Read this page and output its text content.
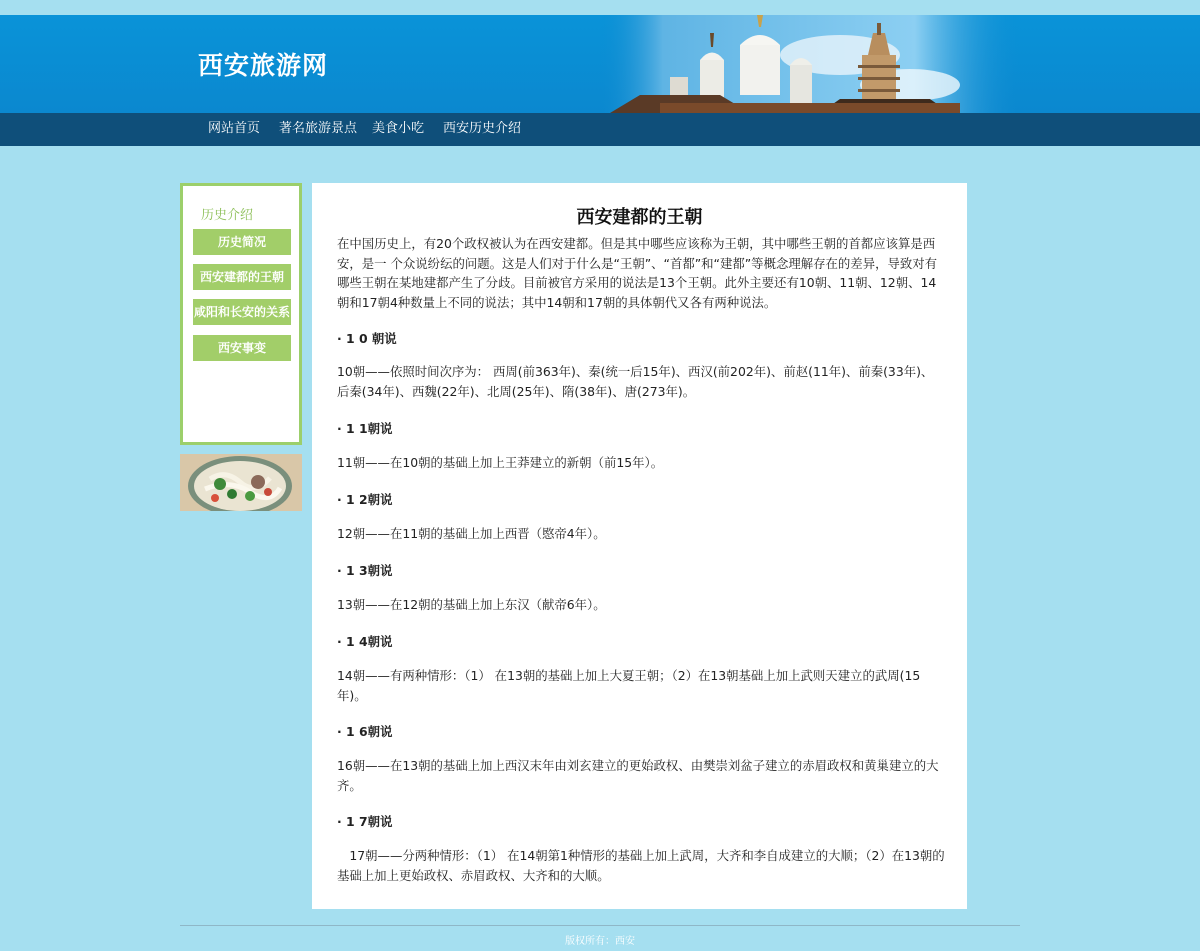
西安旅游网
网站首页 著名旅游景点 美食小吃 西安历史介绍
历史介绍
历史简况
西安建都的王朝
咸阳和长安的关系
西安事变
西安建都的王朝
在中国历史上，有20个政权被认为在西安建都。但是其中哪些应该称为王朝，其中哪些王朝的首都应该算是西安，是一 个众说纷纭的问题。这是人们对于什么是“王朝”、“首都”和“建都”等概念理解存在的差异，导致对有哪些王朝在某地建都产生了分歧。目前被官方采用的说法是13个王朝。此外主要还有10朝、11朝、12朝、14朝和17朝4种数量上不同的说法；其中14朝和17朝的具体朝代又各有两种说法。
· 1 0 朝说
10朝——依照时间次序为： 西周(前363年)、秦(统一后15年)、西汉(前202年)、前赵(11年)、前秦(33年)、后秦(34年)、西魏(22年)、北周(25年)、隋(38年)、唐(273年)。
· 1 1朝说
11朝——在10朝的基础上加上王莽建立的新朝（前15年）。
· 1 2朝说
12朝——在11朝的基础上加上西晋（愍帝4年）。
· 1 3朝说
13朝——在12朝的基础上加上东汉（献帝6年）。
· 1 4朝说
14朝——有两种情形：（1） 在13朝的基础上加上大夏王朝；（2）在13朝基础上加上武则天建立的武周(15年)。
· 1 6朝说
16朝——在13朝的基础上加上西汉末年由刘玄建立的更始政权、由樊崇刘盆子建立的赤眉政权和黄巢建立的大齐。
· 1 7朝说
　17朝——分两种情形：（1） 在14朝第1种情形的基础上加上武周，大齐和李自成建立的大顺；（2）在13朝的基础上加上更始政权、赤眉政权、大齐和的大顺。
版权所有：西安
